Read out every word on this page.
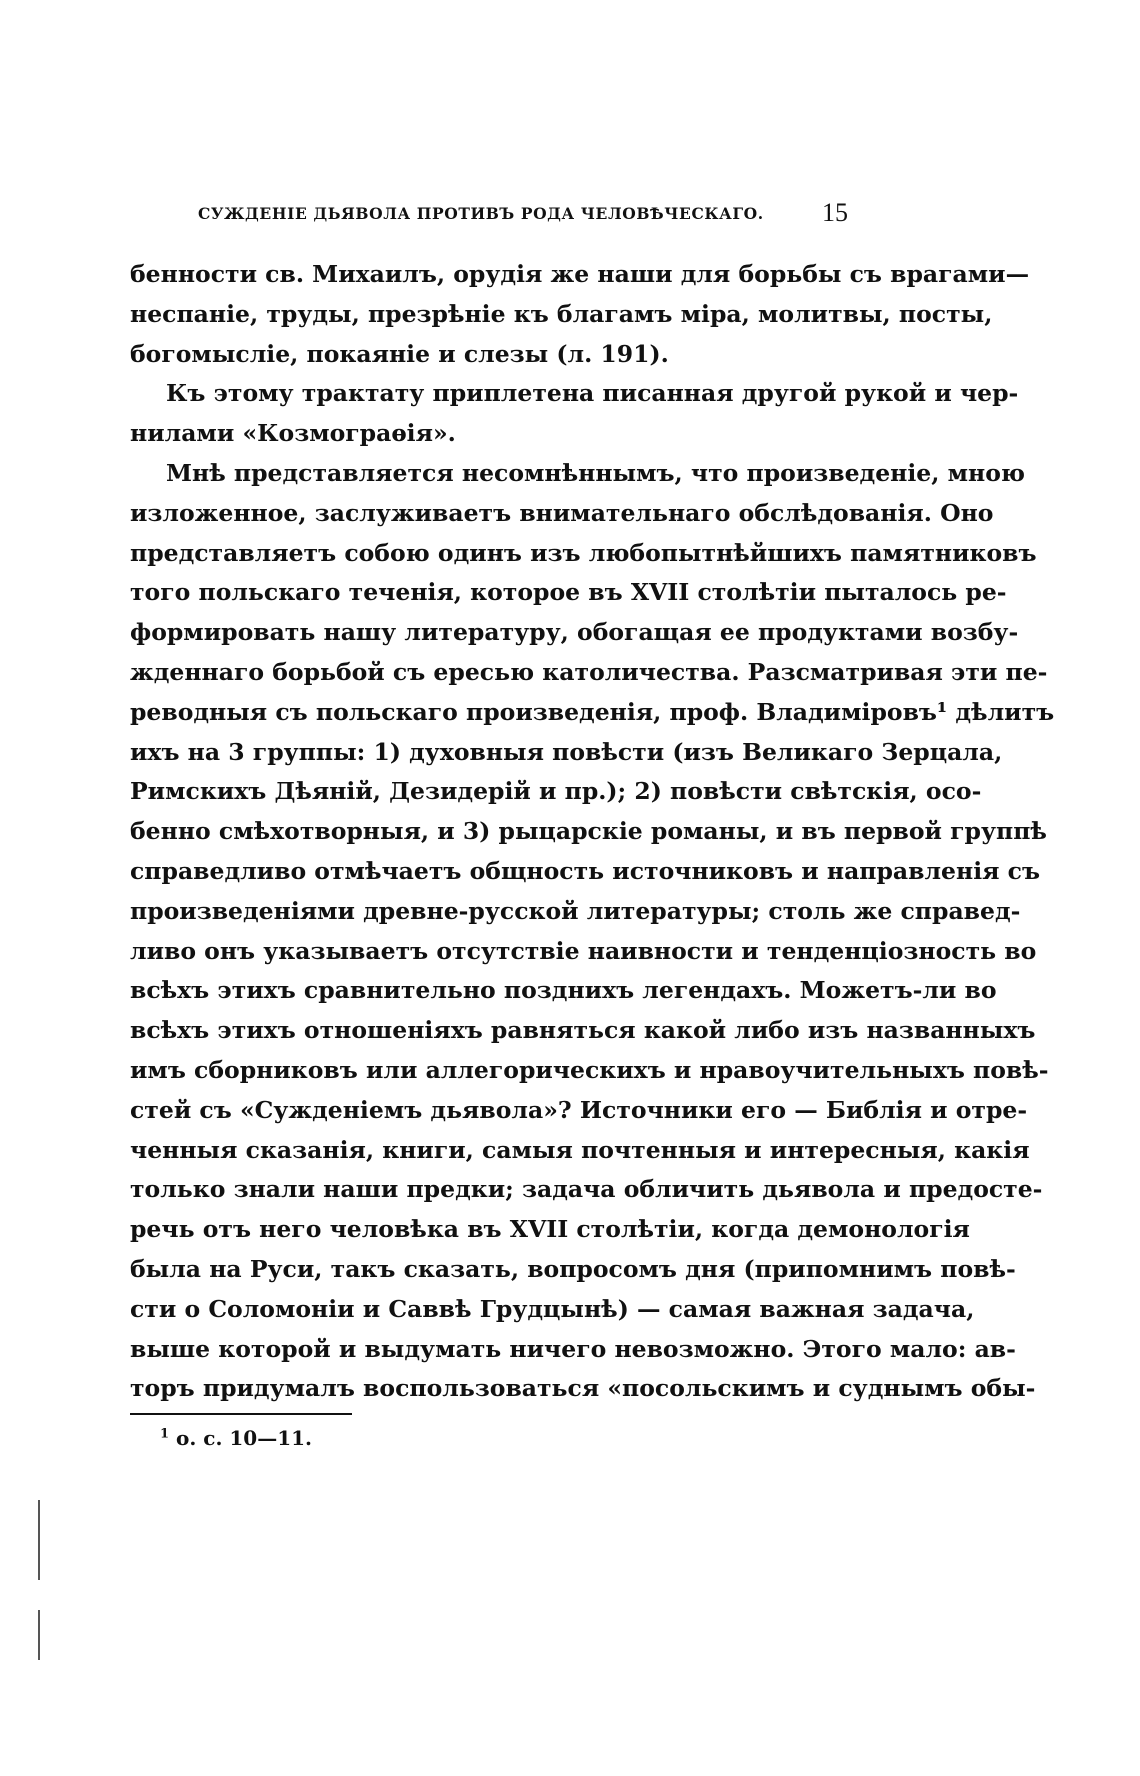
СУЖДЕНІЕ ДЬЯВОЛА ПРОТИВЪ РОДА ЧЕЛОВѢЧЕСКАГО. 15
бенности св. Михаилъ, орудія же наши для борьбы съ врагами—
неспаніе, труды, презрѣніе къ благамъ міра, молитвы, посты,
богомысліе, покаяніе и слезы (л. 191).
Къ этому трактату приплетена писанная другой рукой и чер-
нилами «Козмограѳія».
Мнѣ представляется несомнѣннымъ, что произведеніе, мною
изложенное, заслуживаетъ внимательнаго обслѣдованія. Оно
представляетъ собою одинъ изъ любопытнѣйшихъ памятниковъ
того польскаго теченія, которое въ XVII столѣтіи пыталось ре-
формировать нашу литературу, обогащая ее продуктами возбу-
жденнаго борьбой съ ересью католичества. Разсматривая эти пе-
реводныя съ польскаго произведенія, проф. Владиміровъ¹ дѣлитъ
ихъ на 3 группы: 1) духовныя повѣсти (изъ Великаго Зерцала,
Римскихъ Дѣяній, Дезидерій и пр.); 2) повѣсти свѣтскія, осо-
бенно смѣхотворныя, и 3) рыцарскіе романы, и въ первой группѣ
справедливо отмѣчаетъ общность источниковъ и направленія съ
произведеніями древне-русской литературы; столь же справед-
ливо онъ указываетъ отсутствіе наивности и тенденціозность во
всѣхъ этихъ сравнительно позднихъ легендахъ. Можетъ-ли во
всѣхъ этихъ отношеніяхъ равняться какой либо изъ названныхъ
имъ сборниковъ или аллегорическихъ и нравоучительныхъ повѣ-
стей съ «Сужденіемъ дьявола»? Источники его — Библія и отре-
ченныя сказанія, книги, самыя почтенныя и интересныя, какія
только знали наши предки; задача обличить дьявола и предосте-
речь отъ него человѣка въ XVII столѣтіи, когда демонологія
была на Руси, такъ сказать, вопросомъ дня (припомнимъ повѣ-
сти о Соломоніи и Саввѣ Грудцынѣ) — самая важная задача,
выше которой и выдумать ничего невозможно. Этого мало: ав-
торъ придумалъ воспользоваться «посольскимъ и суднымъ обы-
$^1$ о. с. 10—11.
